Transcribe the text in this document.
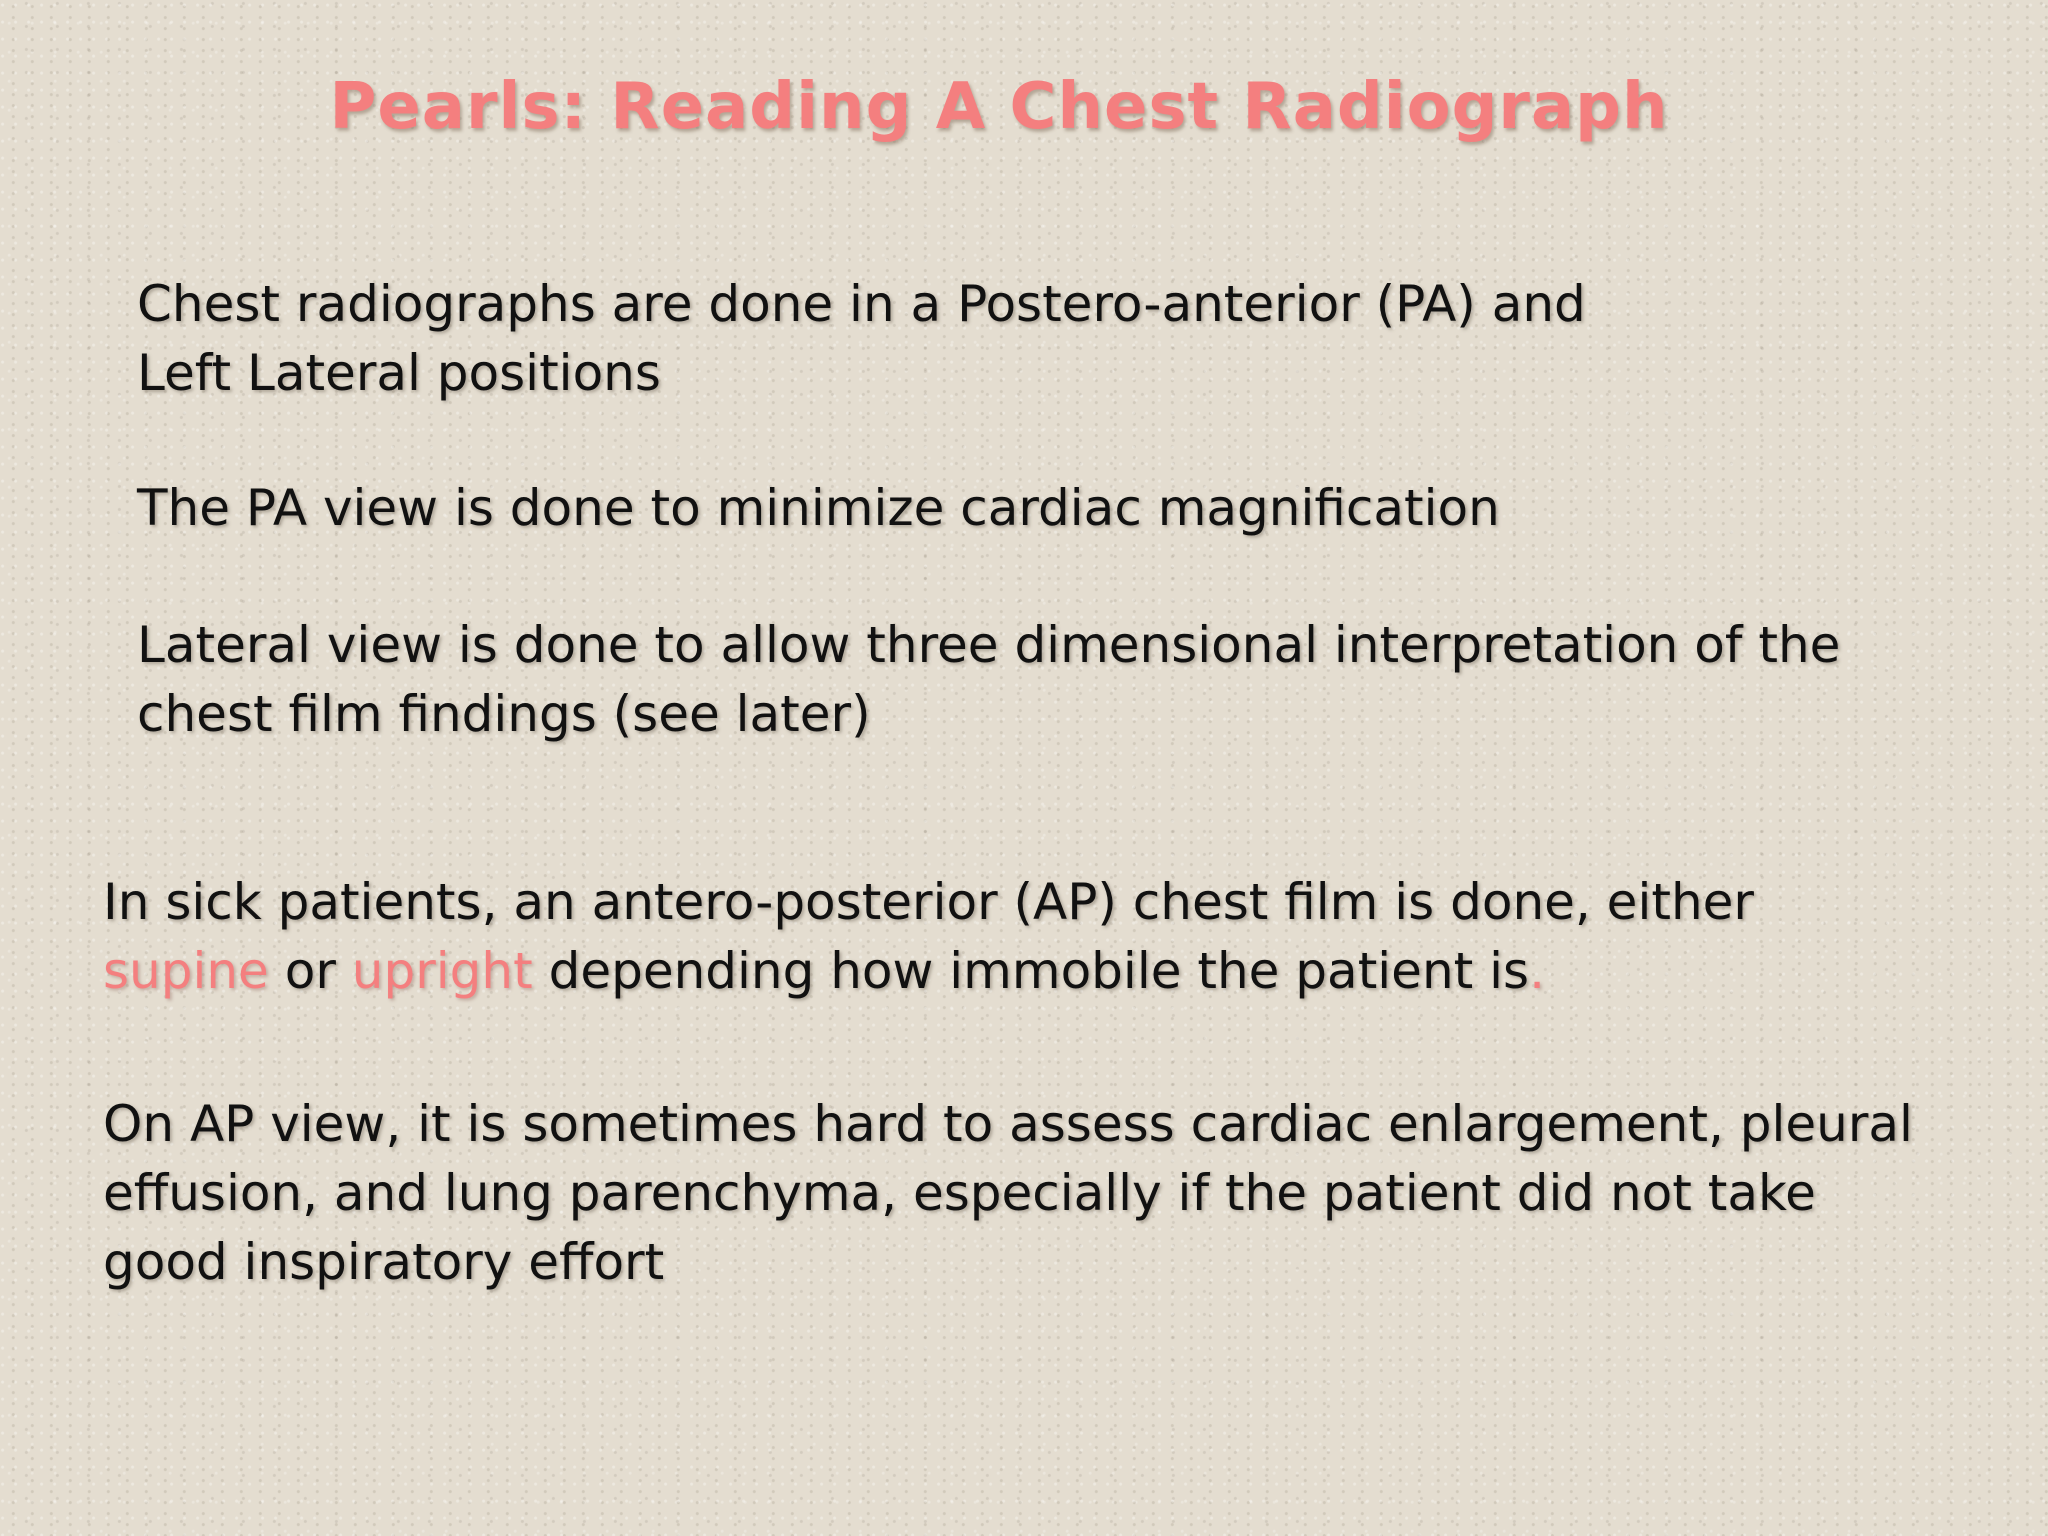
Pearls: Reading A Chest Radiograph
Chest radiographs are done in a Postero-anterior (PA) and
Left Lateral positions
The PA view is done to minimize cardiac magnification
Lateral view is done to allow three dimensional interpretation of the
chest film findings (see later)
In sick patients, an antero-posterior (AP) chest film is done, either
supine or upright depending how immobile the patient is.
On AP view, it is sometimes hard to assess cardiac enlargement, pleural
effusion, and lung parenchyma, especially if the patient did not take
good inspiratory effort
